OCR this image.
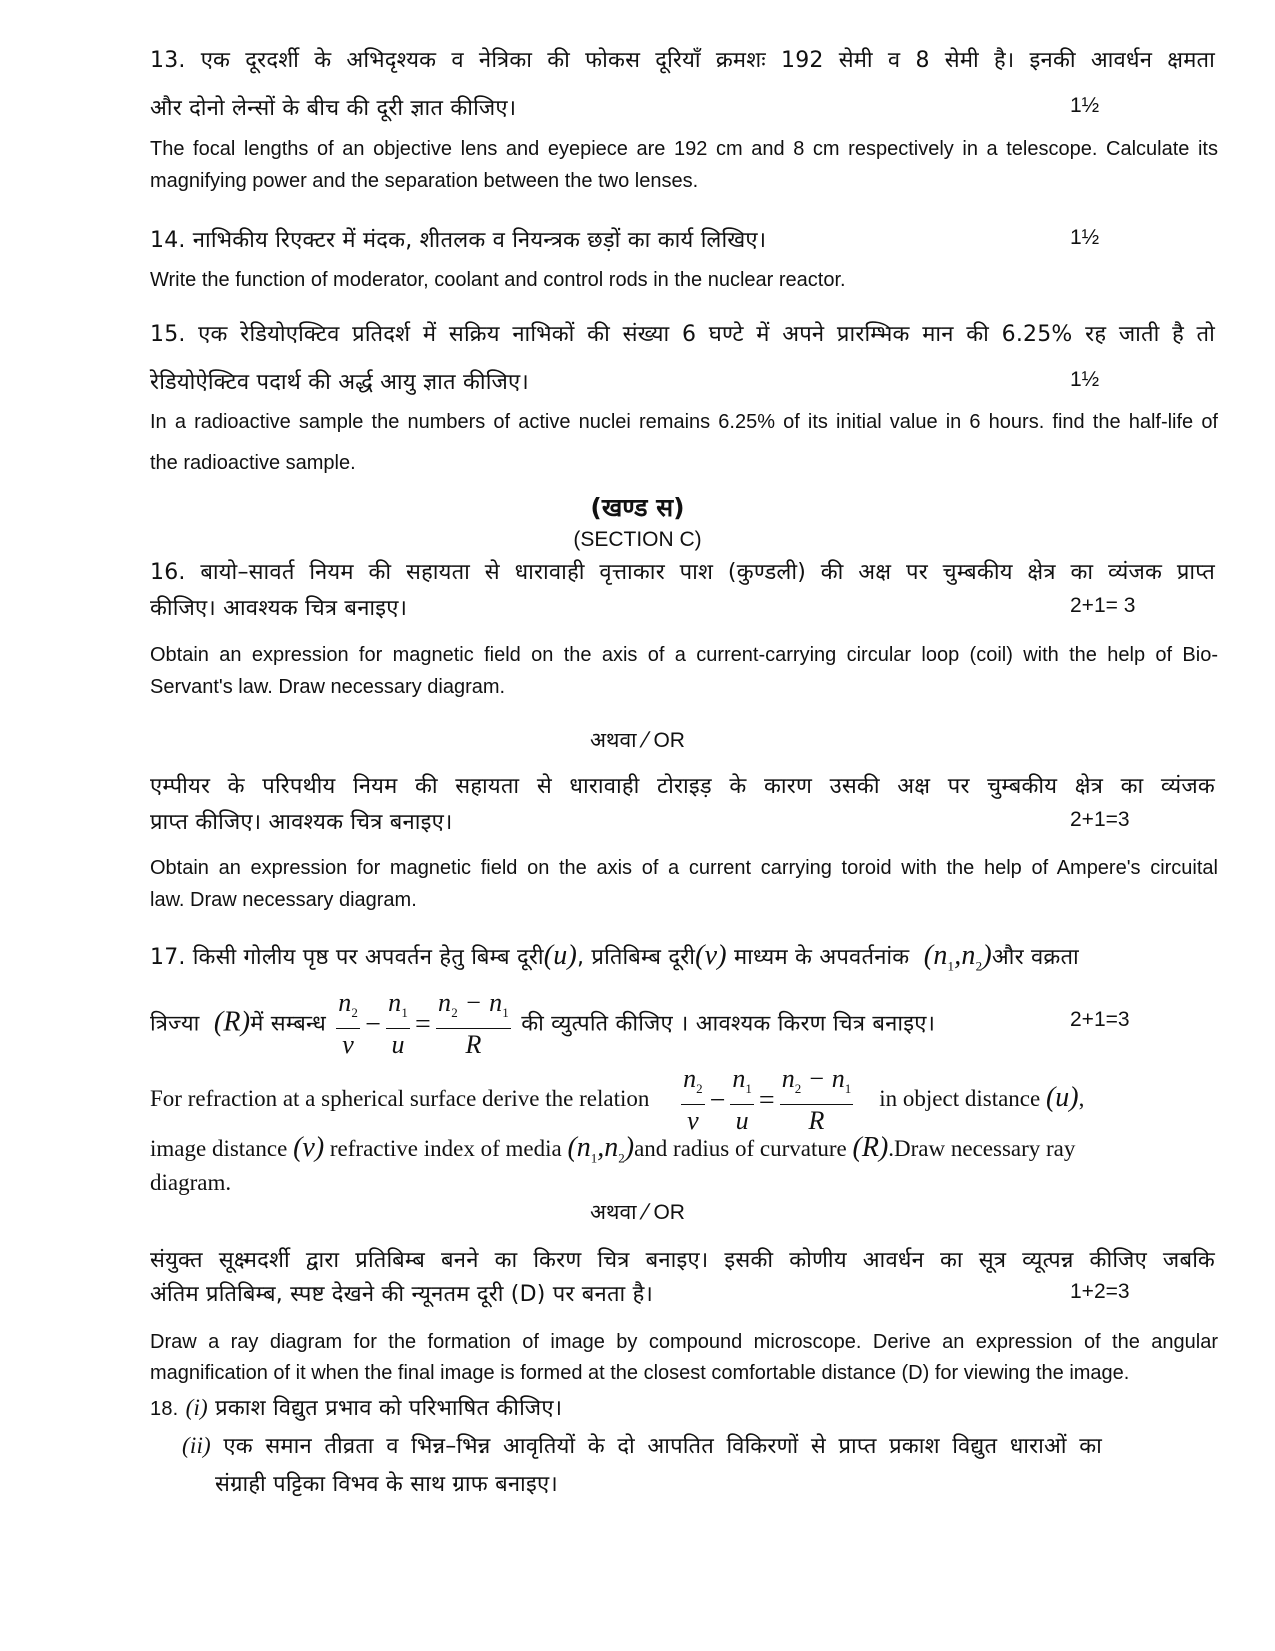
13. एक दूरदर्शी के अभिदृश्यक व नेत्रिका की फोकस दूरियाँ क्रमशः 192 सेमी व 8 सेमी है। इनकी आवर्धन क्षमता
और दोनो लेन्सों के बीच की दूरी ज्ञात कीजिए।	1½
The focal lengths of an objective lens and eyepiece are 192 cm and 8 cm respectively in a telescope. Calculate its
magnifying power and the separation between the two lenses.
14. नाभिकीय रिएक्टर में मंदक, शीतलक व नियन्त्रक छड़ों का कार्य लिखिए।	1½
Write the function of moderator, coolant and control rods in the nuclear reactor.
15. एक रेडियोएक्टिव प्रतिदर्श में सक्रिय नाभिकों की संख्या 6 घण्टे में अपने प्रारम्भिक मान की 6.25% रह जाती है तो
रेडियोऐक्टिव पदार्थ की अर्द्ध आयु ज्ञात कीजिए।	1½
In a radioactive sample the numbers of active nuclei remains 6.25% of its initial value in 6 hours. find the half-life of
the radioactive sample.
(खण्ड स)
(SECTION C)
16. बायो–सावर्त नियम की सहायता से धारावाही वृत्ताकार पाश (कुण्डली) की अक्ष पर चुम्बकीय क्षेत्र का व्यंजक प्राप्त
कीजिए। आवश्यक चित्र बनाइए।	2+1= 3
Obtain an expression for magnetic field on the axis of a current-carrying circular loop (coil) with the help of Bio-
Servant's law. Draw necessary diagram.
अथवा ⁄ OR
एम्पीयर के परिपथीय नियम की सहायता से धारावाही टोराइड़ के कारण उसकी अक्ष पर चुम्बकीय क्षेत्र का व्यंजक
प्राप्त कीजिए। आवश्यक चित्र बनाइए।	2+1=3
Obtain an expression for magnetic field on the axis of a current carrying toroid with the help of Ampere's circuital
law. Draw necessary diagram.
17. किसी गोलीय पृष्ठ पर अपवर्तन हेतु बिम्ब दूरी(u), प्रतिबिम्ब दूरी(v) माध्यम के अपवर्तनांक $(n_1,n_2)और$ वक्रता
त्रिज्या (R)में सम्बन्ध $\frac{n_2}{v} - \frac{n_1}{u} = \frac{n_2 - n_1}{R}$ की व्युत्पति कीजिए । आवश्यक किरण चित्र बनाइए।	2+1=3
For refraction at a spherical surface derive the relation $\frac{n_2}{v} - \frac{n_1}{u} = \frac{n_2 - n_1}{R}$ in object distance (u),
image distance (v) refractive index of media $(n_1,n_2)and$ radius of curvature (R).Draw necessary ray
diagram.
अथवा ⁄ OR
संयुक्त सूक्ष्मदर्शी द्वारा प्रतिबिम्ब बनने का किरण चित्र बनाइए। इसकी कोणीय आवर्धन का सूत्र व्यूत्पन्न कीजिए जबकि
अंतिम प्रतिबिम्ब, स्पष्ट देखने की न्यूनतम दूरी (D) पर बनता है।	1+2=3
Draw a ray diagram for the formation of image by compound microscope. Derive an expression of the angular
magnification of it when the final image is formed at the closest comfortable distance (D) for viewing the image.
18. (i) प्रकाश विद्युत प्रभाव को परिभाषित कीजिए।
(ii) एक समान तीव्रता व भिन्न–भिन्न आवृतियों के दो आपतित विकिरणों से प्राप्त प्रकाश विद्युत धाराओं का
संग्राही पट्टिका विभव के साथ ग्राफ बनाइए।
